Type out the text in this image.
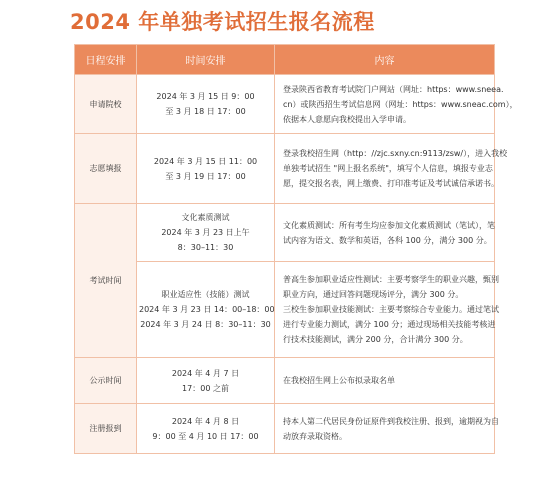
2024 年单独考试招生报名流程
日程安排	时间安排	内容
申请院校	2024 年 3 月 15 日 9：00
至 3 月 18 日 17：00	登录陕西省教育考试院门户网站（网址：https：www.sneea.
cn）或陕西招生考试信息网（网址：https：www.sneac.com），
依据本人意愿向我校提出入学申请。

志愿填报	2024 年 3 月 15 日 11：00
至 3 月 19 日 17：00	登录我校招生网（http：//zjc.sxny.cn:9113/zsw/），进入我校
单独考试招生 "网上报名系统"，填写个人信息，填报专业志
愿，提交报名表，网上缴费、打印准考证及考试诚信承诺书。

考试时间	文化素质测试
2024 年 3 月 23 日上午
8：30–11：30	文化素质测试：所有考生均应参加文化素质测试（笔试），笔
试内容为语文、数学和英语，各科 100 分，满分 300 分。

	职业适应性（技能）测试
2024 年 3 月 23 日 14：00–18：00
2024 年 3 月 24 日 8：30–11：30	普高生参加职业适应性测试：主要考察学生的职业兴趣，甄别
职业方向，通过回答问题现场评分，满分 300 分。
三校生参加职业技能测试：主要考察综合专业能力。通过笔试
进行专业能力测试，满分 100 分；通过现场相关技能考核进
行技术技能测试，满分 200 分，合计满分 300 分。

公示时间	2024 年 4 月 7 日
17：00 之前	在我校招生网上公布拟录取名单

注册报到	2024 年 4 月 8 日
9：00 至 4 月 10 日 17：00	持本人第二代居民身份证原件到我校注册、报到，逾期视为自
动放弃录取资格。
